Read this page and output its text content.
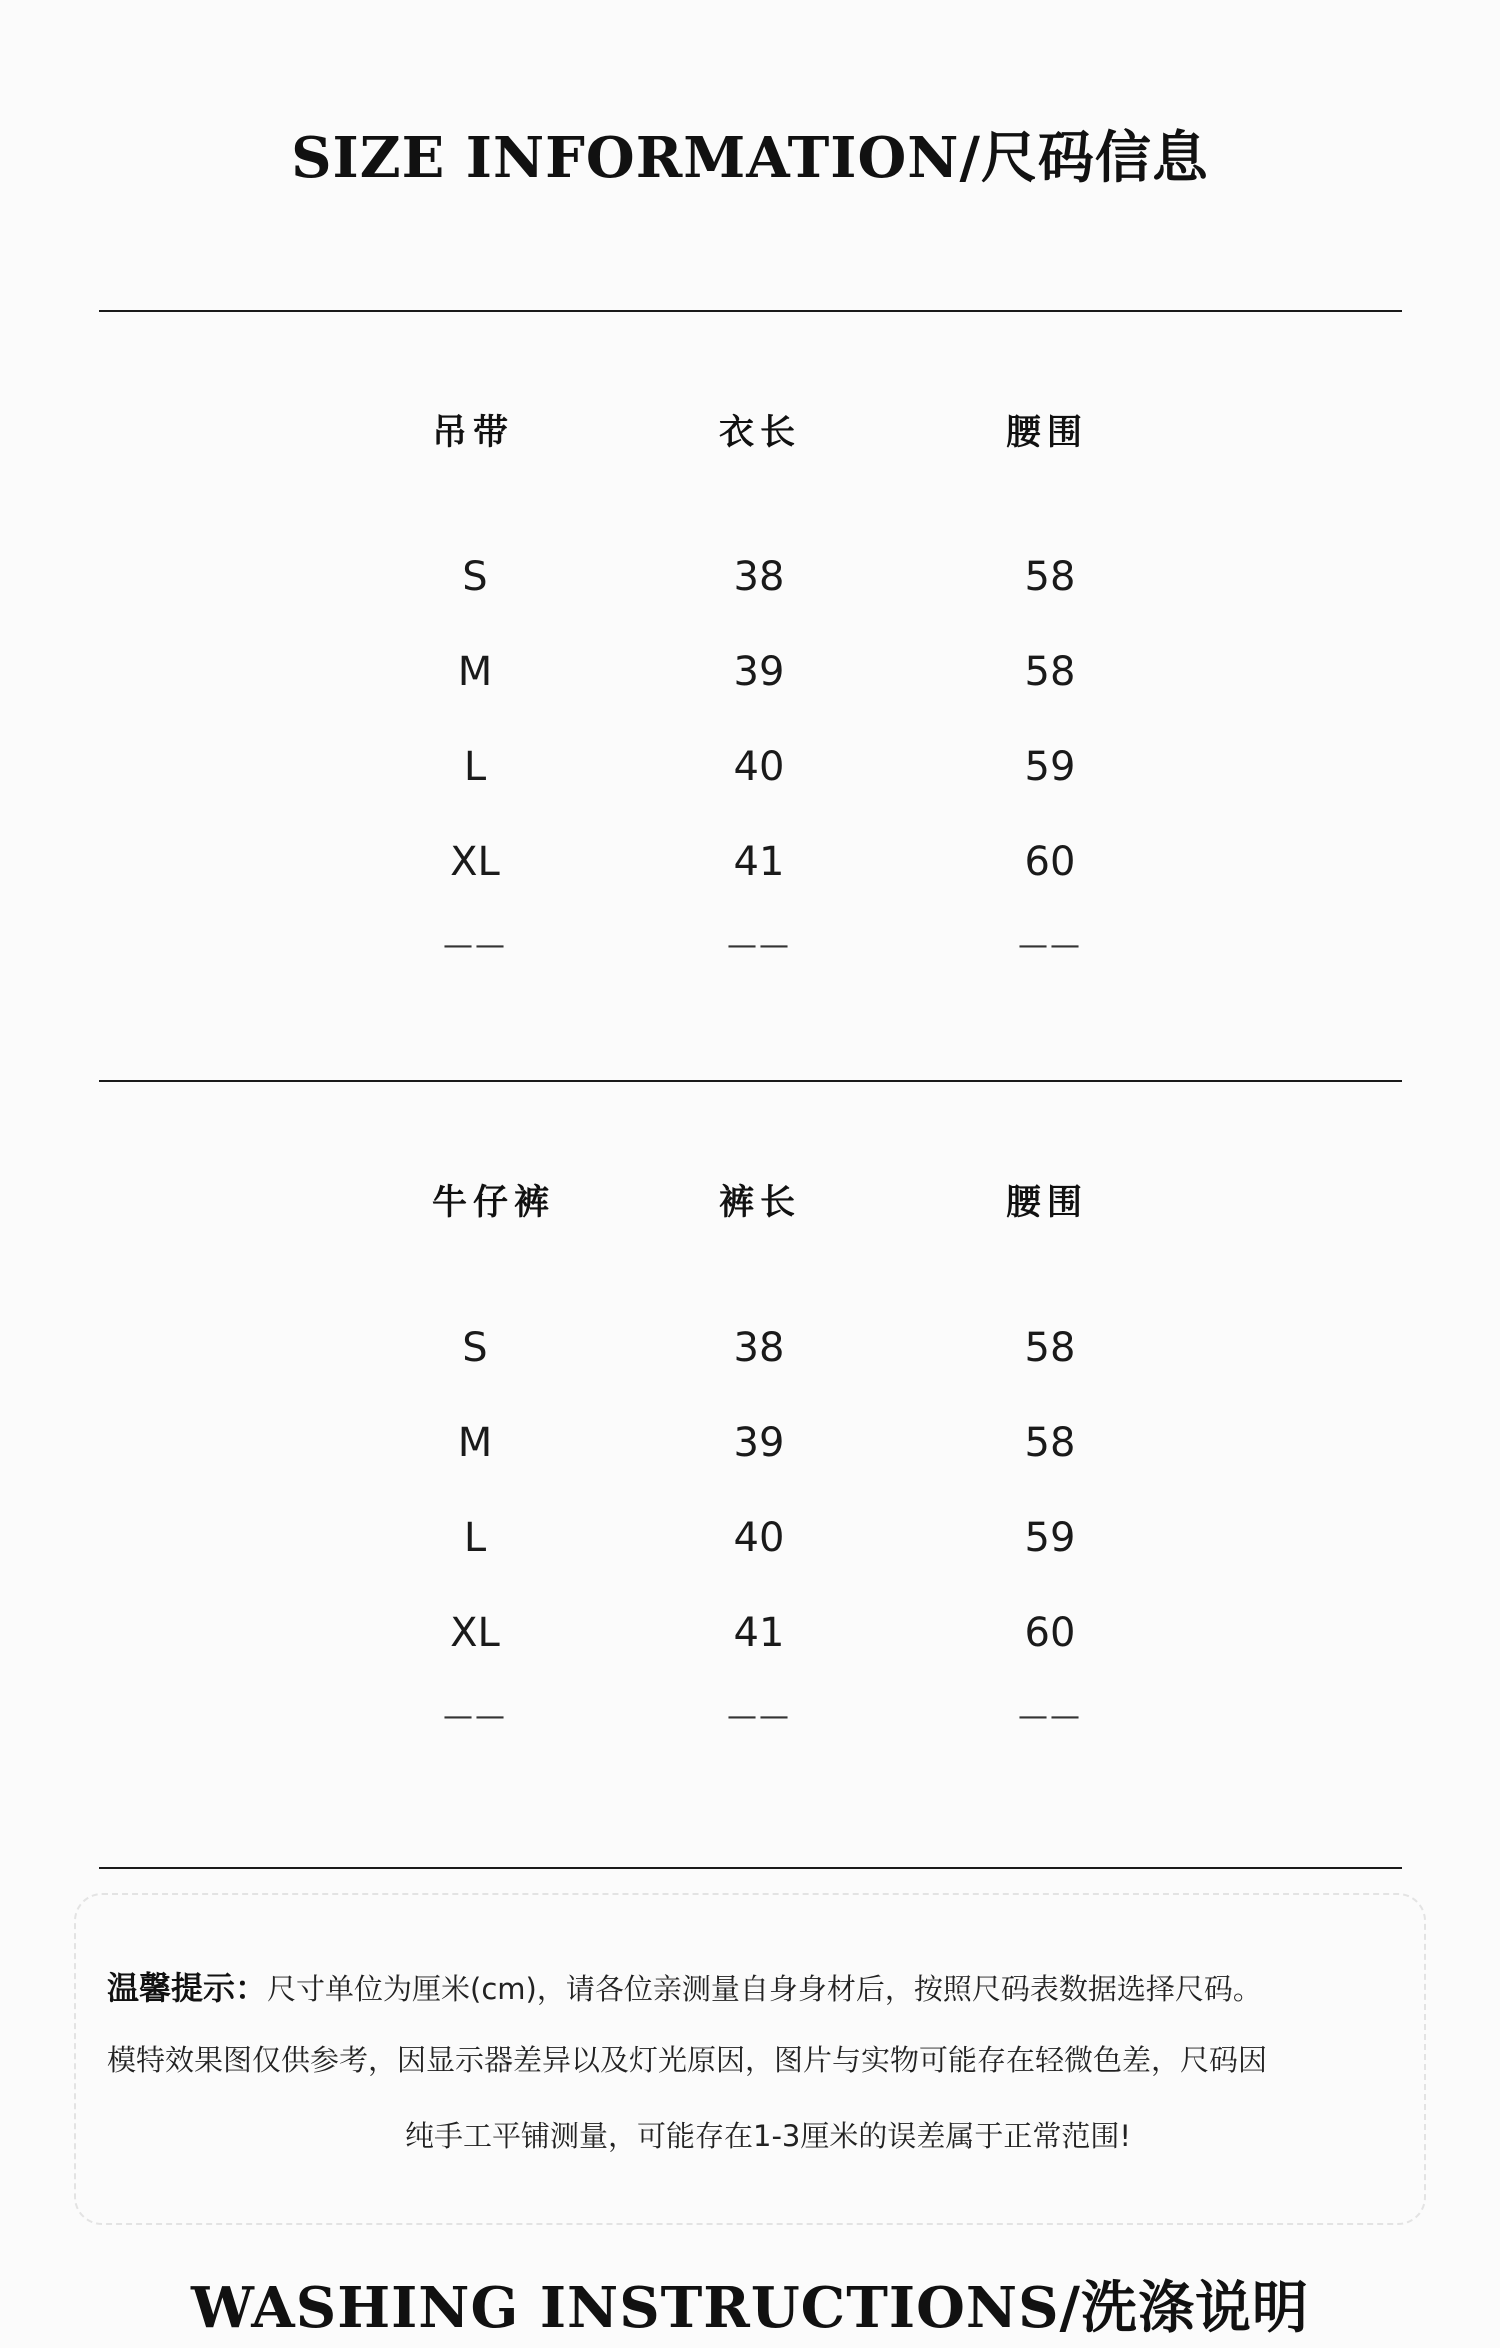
SIZE INFORMATION/尺码信息
吊带	衣长	腰围
S	38	58
M	39	58
L	40	59
XL	41	60
——	——	——
牛仔裤	裤长	腰围
S	38	58
M	39	58
L	40	59
XL	41	60
——	——	——
温馨提示：尺寸单位为厘米(cm)，请各位亲测量自身身材后，按照尺码表数据选择尺码。
模特效果图仅供参考，因显示器差异以及灯光原因，图片与实物可能存在轻微色差，尺码因
纯手工平铺测量，可能存在1-3厘米的误差属于正常范围!
WASHING INSTRUCTIONS/洗涤说明
